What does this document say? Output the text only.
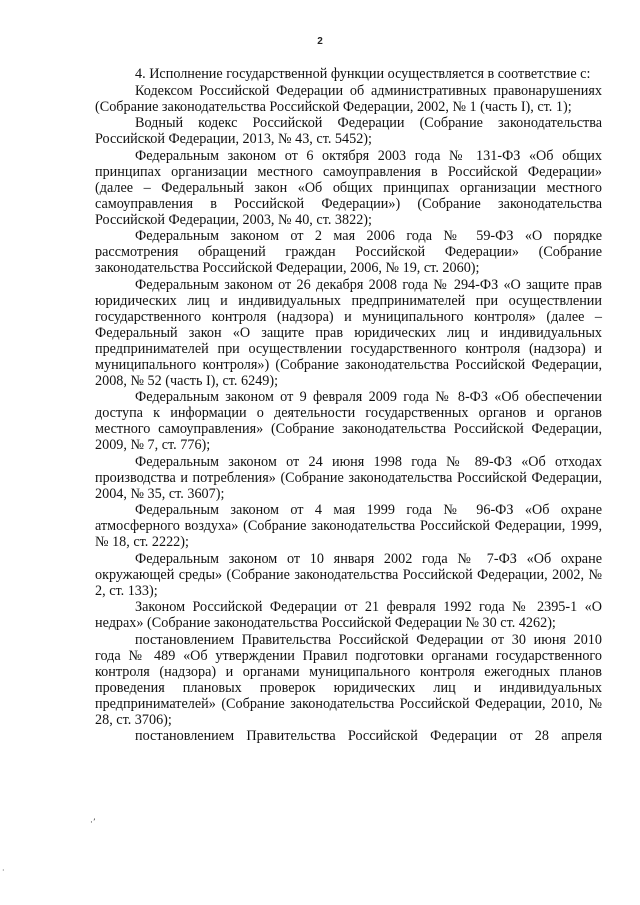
2

4. Исполнение государственной функции осуществляется в соответствие с:

Кодексом Российской Федерации об административных правонарушениях (Собрание законодательства Российской Федерации, 2002, № 1 (часть I), ст. 1);

Водный кодекс Российской Федерации (Собрание законодательства Российской Федерации, 2013, № 43, ст. 5452);

Федеральным законом от 6 октября 2003 года № 131-ФЗ «Об общих принципах организации местного самоуправления в Российской Федерации» (далее – Федеральный закон «Об общих принципах организации местного самоуправления в Российской Федерации») (Собрание законодательства Российской Федерации, 2003, № 40, ст. 3822);

Федеральным законом от 2 мая 2006 года № 59-ФЗ «О порядке рассмотрения обращений граждан Российской Федерации» (Собрание законодательства Российской Федерации, 2006, № 19, ст. 2060);

Федеральным законом от 26 декабря 2008 года № 294-ФЗ «О защите прав юридических лиц и индивидуальных предпринимателей при осуществлении государственного контроля (надзора) и муниципального контроля» (далее – Федеральный закон «О защите прав юридических лиц и индивидуальных предпринимателей при осуществлении государственного контроля (надзора) и муниципального контроля») (Собрание законодательства Российской Федерации, 2008, № 52 (часть I), ст. 6249);

Федеральным законом от 9 февраля 2009 года № 8-ФЗ «Об обеспечении доступа к информации о деятельности государственных органов и органов местного самоуправления» (Собрание законодательства Российской Федерации, 2009, № 7, ст. 776);

Федеральным законом от 24 июня 1998 года № 89-ФЗ «Об отходах производства и потребления» (Собрание законодательства Российской Федерации, 2004, № 35, ст. 3607);

Федеральным законом от 4 мая 1999 года № 96-ФЗ «Об охране атмосферного воздуха» (Собрание законодательства Российской Федерации, 1999, № 18, ст. 2222);

Федеральным законом от 10 января 2002 года № 7-ФЗ «Об охране окружающей среды» (Собрание законодательства Российской Федерации, 2002, № 2, ст. 133);

Законом Российской Федерации от 21 февраля 1992 года № 2395-1 «О недрах» (Собрание законодательства Российской Федерации № 30 ст. 4262);

постановлением Правительства Российской Федерации от 30 июня 2010 года № 489 «Об утверждении Правил подготовки органами государственного контроля (надзора) и органами муниципального контроля ежегодных планов проведения плановых проверок юридических лиц и индивидуальных предпринимателей» (Собрание законодательства Российской Федерации, 2010, № 28, ст. 3706);

постановлением Правительства Российской Федерации от 28 апреля

·’
·
